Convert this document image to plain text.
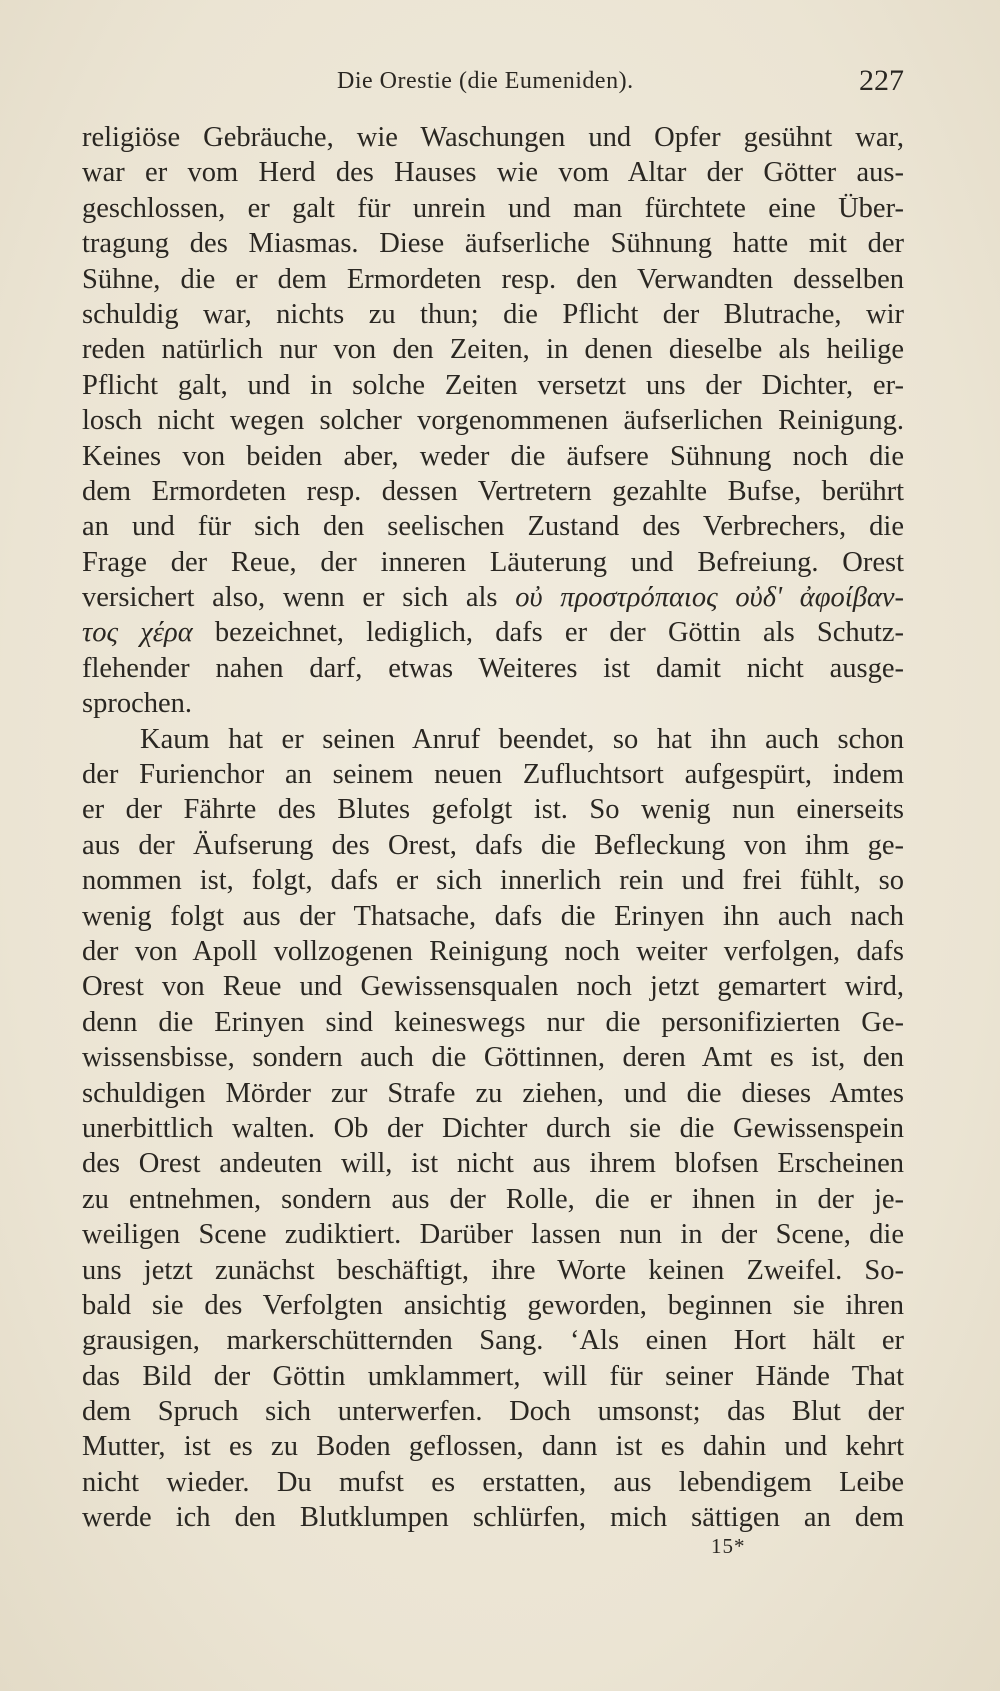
Die Orestie (die Eumeniden).	227
religiöse Gebräuche, wie Waschungen und Opfer gesühnt war,
war er vom Herd des Hauses wie vom Altar der Götter aus-
geschlossen, er galt für unrein und man fürchtete eine Über-
tragung des Miasmas. Diese äufserliche Sühnung hatte mit der
Sühne, die er dem Ermordeten resp. den Verwandten desselben
schuldig war, nichts zu thun; die Pflicht der Blutrache, wir
reden natürlich nur von den Zeiten, in denen dieselbe als heilige
Pflicht galt, und in solche Zeiten versetzt uns der Dichter, er-
losch nicht wegen solcher vorgenommenen äufserlichen Reinigung.
Keines von beiden aber, weder die äufsere Sühnung noch die
dem Ermordeten resp. dessen Vertretern gezahlte Bufse, berührt
an und für sich den seelischen Zustand des Verbrechers, die
Frage der Reue, der inneren Läuterung und Befreiung. Orest
versichert also, wenn er sich als οὐ προστρόπαιος οὐδ' ἀφοίβαν-
τος χέρα bezeichnet, lediglich, dafs er der Göttin als Schutz-
flehender nahen darf, etwas Weiteres ist damit nicht ausge-
sprochen.
Kaum hat er seinen Anruf beendet, so hat ihn auch schon
der Furienchor an seinem neuen Zufluchtsort aufgespürt, indem
er der Fährte des Blutes gefolgt ist. So wenig nun einerseits
aus der Äufserung des Orest, dafs die Befleckung von ihm ge-
nommen ist, folgt, dafs er sich innerlich rein und frei fühlt, so
wenig folgt aus der Thatsache, dafs die Erinyen ihn auch nach
der von Apoll vollzogenen Reinigung noch weiter verfolgen, dafs
Orest von Reue und Gewissensqualen noch jetzt gemartert wird,
denn die Erinyen sind keineswegs nur die personifizierten Ge-
wissensbisse, sondern auch die Göttinnen, deren Amt es ist, den
schuldigen Mörder zur Strafe zu ziehen, und die dieses Amtes
unerbittlich walten. Ob der Dichter durch sie die Gewissenspein
des Orest andeuten will, ist nicht aus ihrem blofsen Erscheinen
zu entnehmen, sondern aus der Rolle, die er ihnen in der je-
weiligen Scene zudiktiert. Darüber lassen nun in der Scene, die
uns jetzt zunächst beschäftigt, ihre Worte keinen Zweifel. So-
bald sie des Verfolgten ansichtig geworden, beginnen sie ihren
grausigen, markerschütternden Sang. ‘Als einen Hort hält er
das Bild der Göttin umklammert, will für seiner Hände That
dem Spruch sich unterwerfen. Doch umsonst; das Blut der
Mutter, ist es zu Boden geflossen, dann ist es dahin und kehrt
nicht wieder. Du mufst es erstatten, aus lebendigem Leibe
werde ich den Blutklumpen schlürfen, mich sättigen an dem
15*
